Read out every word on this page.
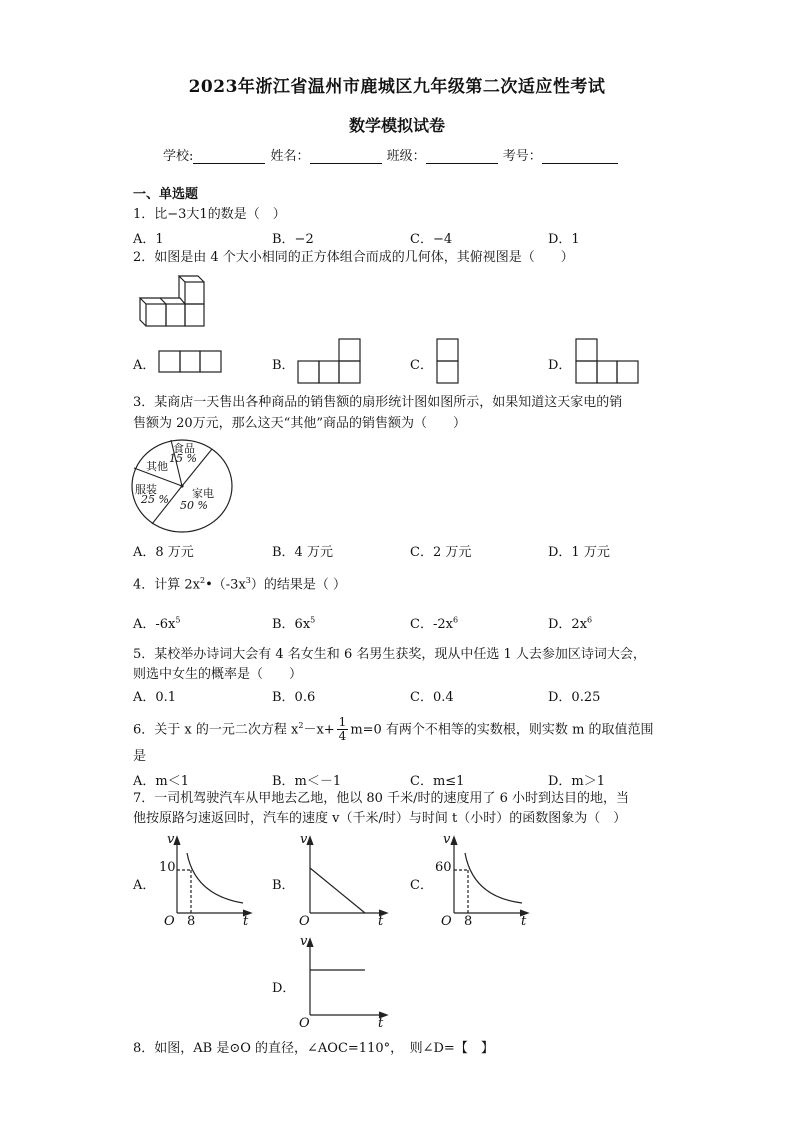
2023年浙江省温州市鹿城区九年级第二次适应性考试
数学模拟试卷
学校:	姓名：	班级：	考号：
一、单选题
1．比−3大1的数是（　）
A．1	B．−2	C．−4	D．1
2．如图是由 4 个大小相同的正方体组合而成的几何体，其俯视图是（　　）
A．	B．	C．	D．
3．某商店一天售出各种商品的销售额的扇形统计图如图所示，如果知道这天家电的销
售额为 20万元，那么这天“其他”商品的销售额为（　　）
食品
15 %
其他
服装
25 % 家电
50 %
A．8 万元	B．4 万元	C．2 万元	D．1 万元
4．计算 $2x^2•(-3x^3)$的结果是（ ）
A．$-6x^5$	B．$6x^5$	C．$-2x^6$	D．$2x^6$
5．某校举办诗词大会有 4 名女生和 6 名男生获奖，现从中任选 1 人去参加区诗词大会，
则选中女生的概率是（　　）
A．0.1	B．0.6	C．0.4	D．0.25
6．关于 x 的一元二次方程 $x^2-x+ \frac{1}{4} m=0$ 有两个不相等的实数根，则实数 m 的取值范围
是
A．m＜1	B．m＜－1	C．m≤1	D．m＞1
7．一司机驾驶汽车从甲地去乙地，他以 80 千米/时的速度用了 6 小时到达目的地，当
他按原路匀速返回时，汽车的速度 v（千米/时）与时间 t（小时）的函数图象为（　）
A．
v
10
O 8	t
B．
v
O	t
C．
v
60
O 8	t
D．
v
O	t
8．如图，AB 是⊙O 的直径，∠AOC=110°，　则∠D=【　】
